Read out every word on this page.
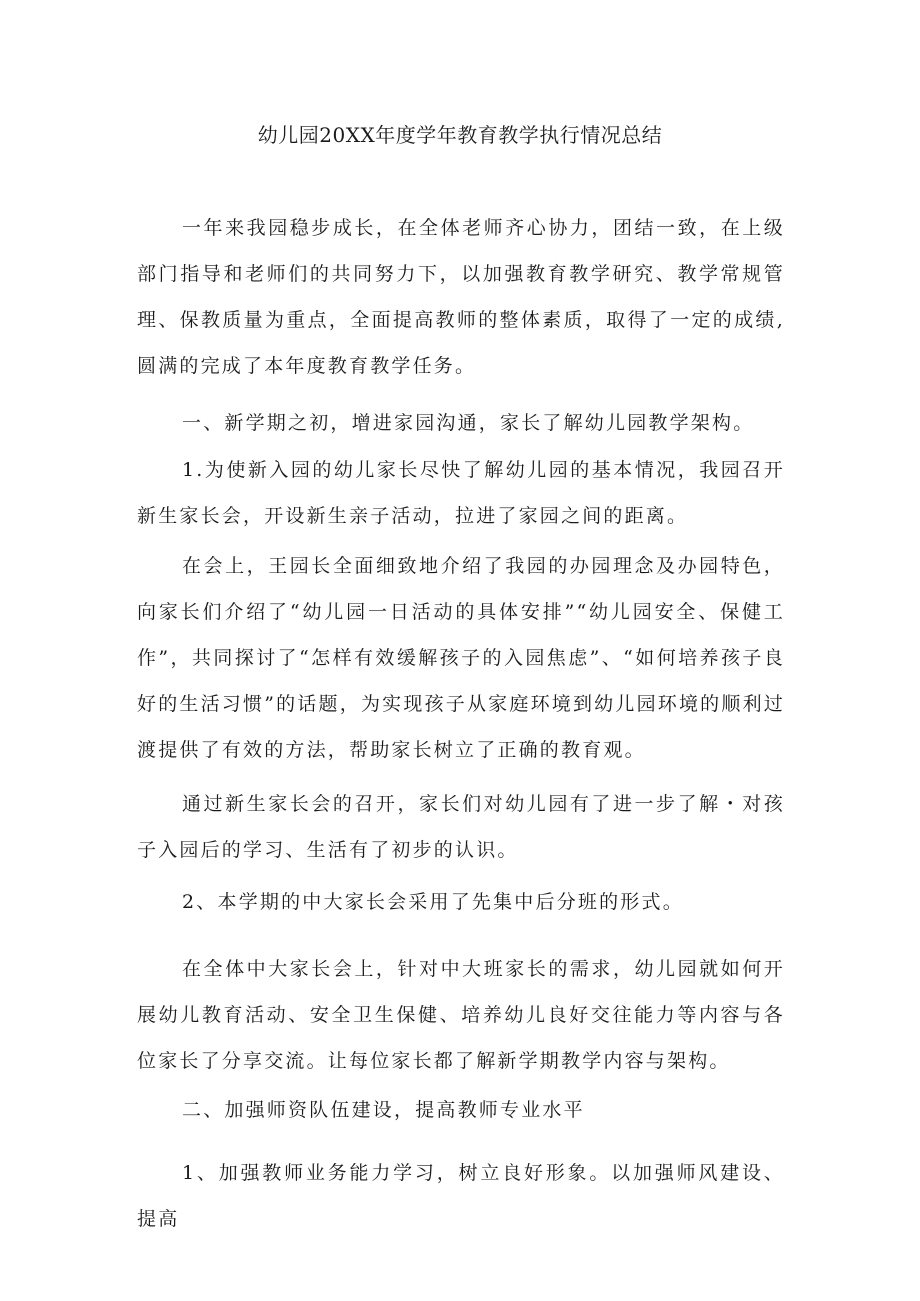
幼儿园20XX年度学年教育教学执行情况总结

一年来我园稳步成长，在全体老师齐心协力，团结一致，在上级部门指导和老师们的共同努力下，以加强教育教学研究、教学常规管理、保教质量为重点，全面提高教师的整体素质，取得了一定的成绩,圆满的完成了本年度教育教学任务。

一、新学期之初，增进家园沟通，家长了解幼儿园教学架构。

1.为使新入园的幼儿家长尽快了解幼儿园的基本情况，我园召开新生家长会，开设新生亲子活动，拉进了家园之间的距离。

在会上，王园长全面细致地介绍了我园的办园理念及办园特色，向家长们介绍了“幼儿园一日活动的具体安排”“幼儿园安全、保健工作”，共同探讨了“怎样有效缓解孩子的入园焦虑”、“如何培养孩子良好的生活习惯”的话题，为实现孩子从家庭环境到幼儿园环境的顺利过渡提供了有效的方法，帮助家长树立了正确的教育观。

通过新生家长会的召开，家长们对幼儿园有了进一步了解・对孩子入园后的学习、生活有了初步的认识。

2、本学期的中大家长会采用了先集中后分班的形式。

在全体中大家长会上，针对中大班家长的需求，幼儿园就如何开展幼儿教育活动、安全卫生保健、培养幼儿良好交往能力等内容与各位家长了分享交流。让每位家长都了解新学期教学内容与架构。

二、加强师资队伍建设，提高教师专业水平

1、加强教师业务能力学习，树立良好形象。以加强师风建设、提高
